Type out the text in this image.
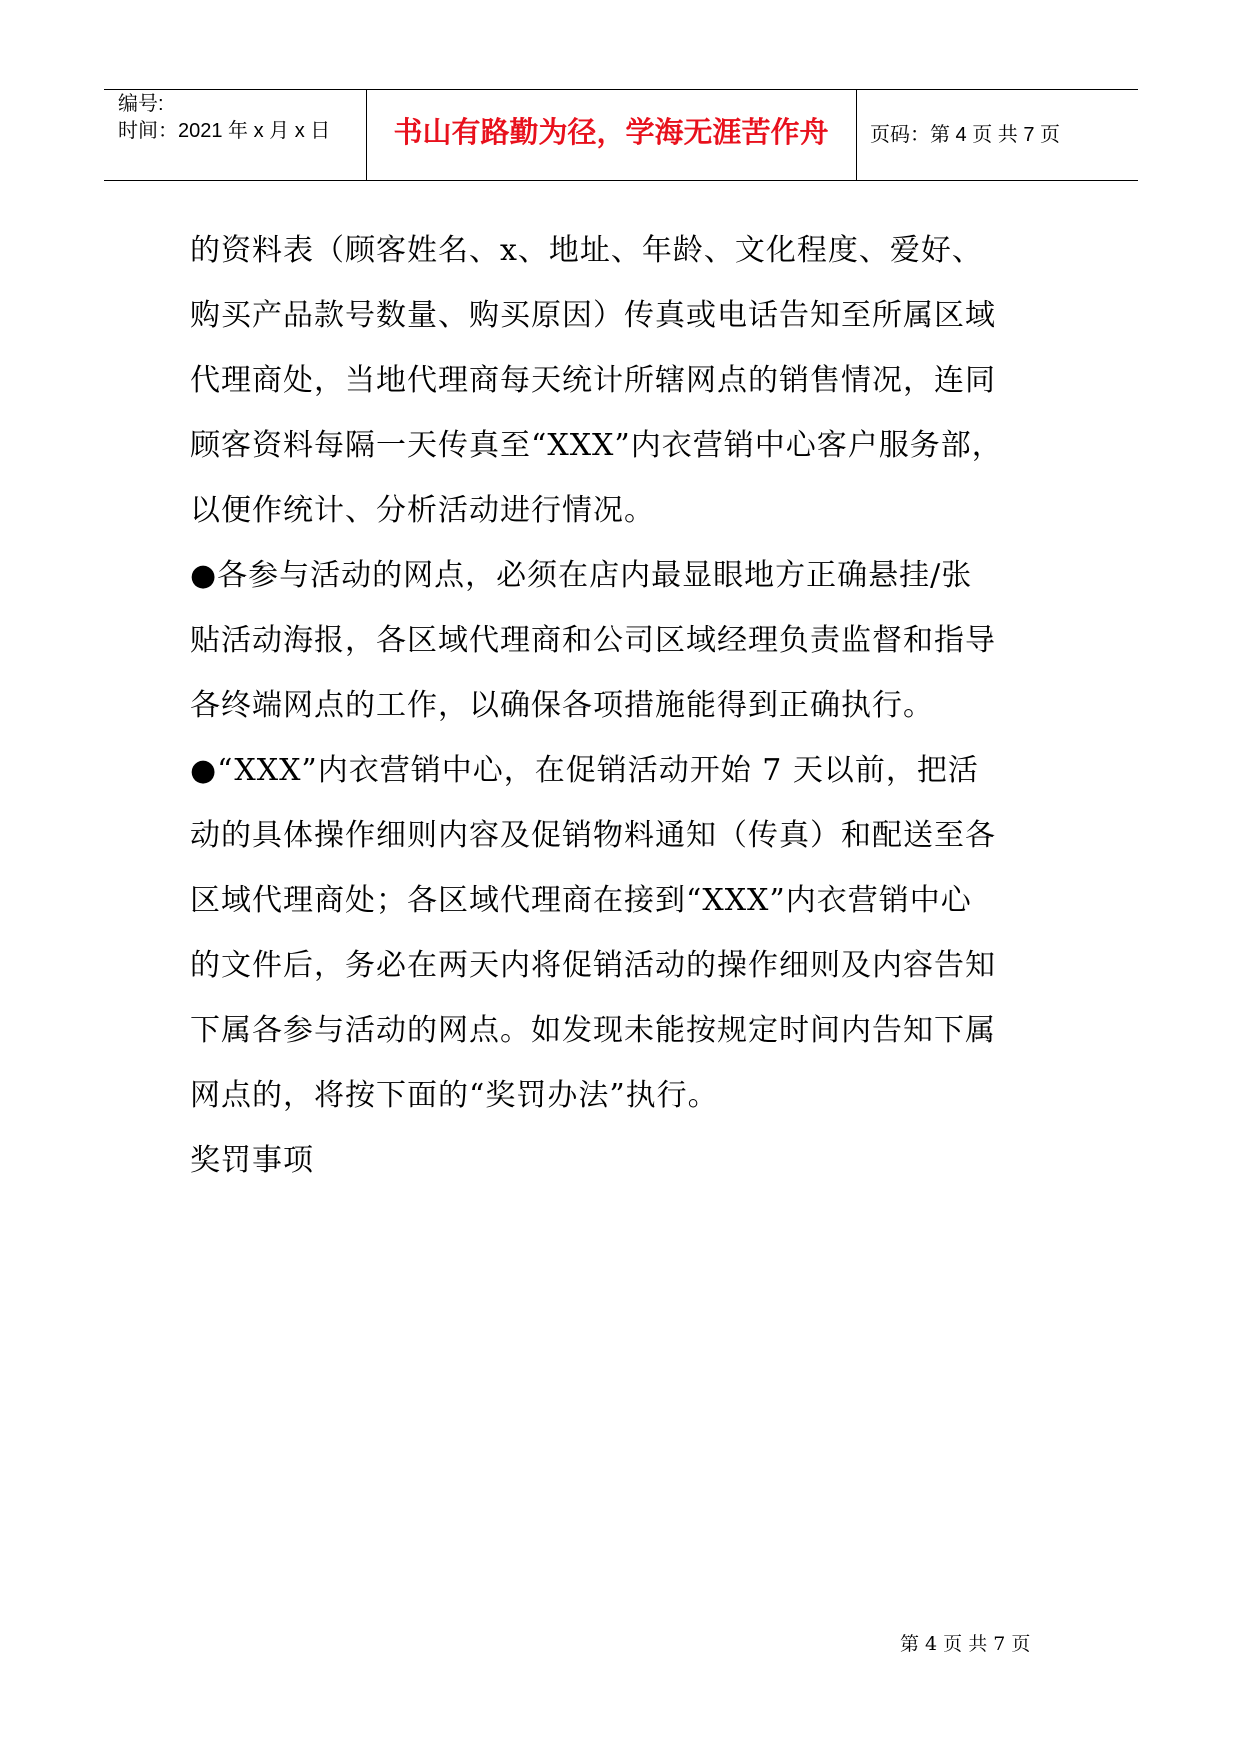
编号:
时间：2021 年 x 月 x 日	书山有路勤为径，学海无涯苦作舟	页码：第 4 页 共 7 页
的资料表（顾客姓名、x、地址、年龄、文化程度、爱好、
购买产品款号数量、购买原因）传真或电话告知至所属区域
代理商处，当地代理商每天统计所辖网点的销售情况，连同
顾客资料每隔一天传真至“XXX”内衣营销中心客户服务部，
以便作统计、分析活动进行情况。
●各参与活动的网点，必须在店内最显眼地方正确悬挂/张
贴活动海报，各区域代理商和公司区域经理负责监督和指导
各终端网点的工作，以确保各项措施能得到正确执行。
●“XXX”内衣营销中心，在促销活动开始 7 天以前，把活
动的具体操作细则内容及促销物料通知（传真）和配送至各
区域代理商处；各区域代理商在接到“XXX”内衣营销中心
的文件后，务必在两天内将促销活动的操作细则及内容告知
下属各参与活动的网点。如发现未能按规定时间内告知下属
网点的，将按下面的“奖罚办法”执行。
奖罚事项
第 4 页 共 7 页
